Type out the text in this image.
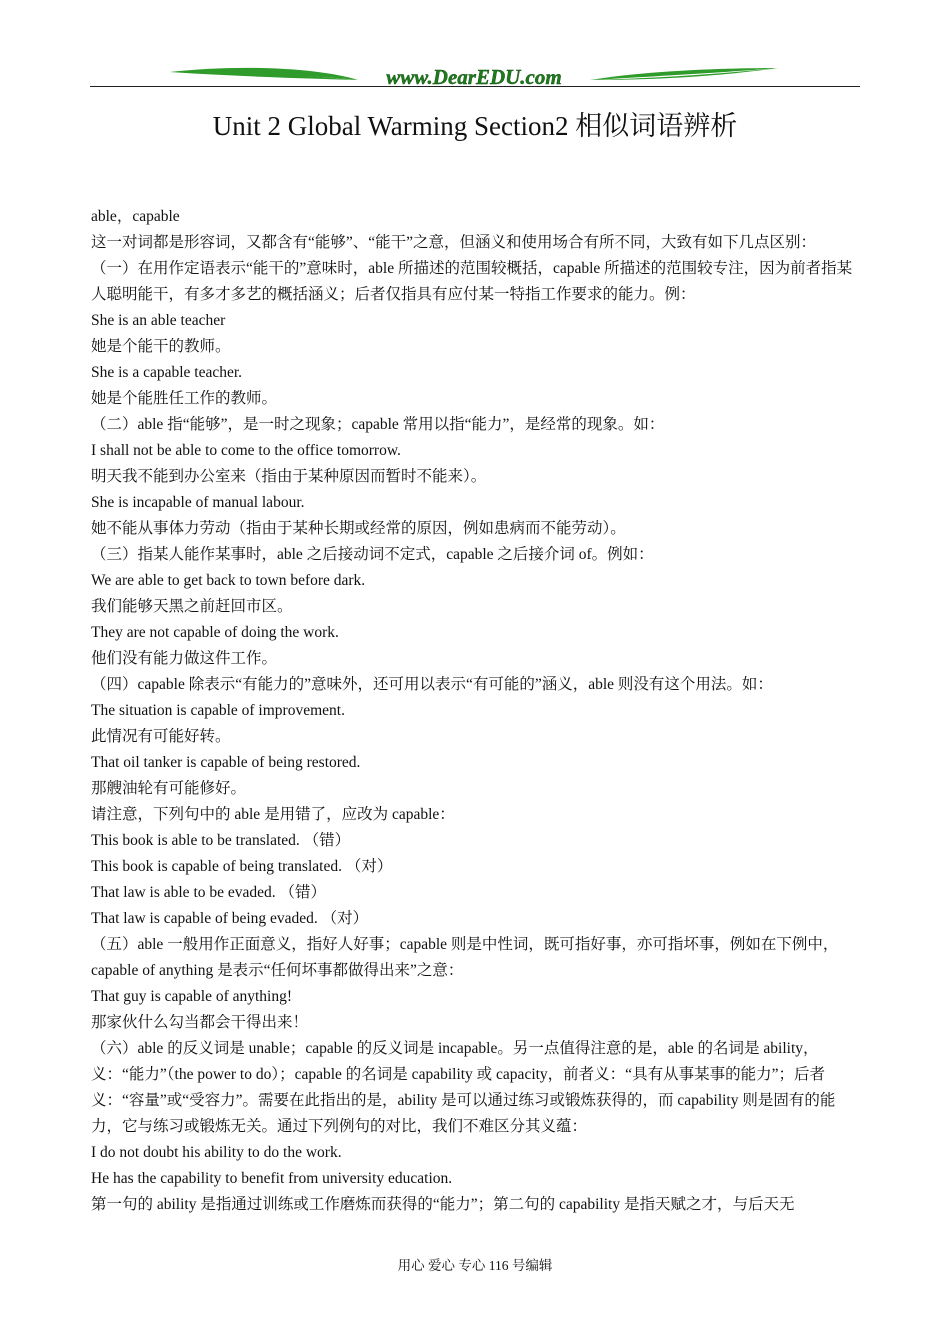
www.DearEDU.com
Unit 2 Global Warming Section2 相似词语辨析

able，capable

这一对词都是形容词，又都含有“能够”、“能干”之意，但涵义和使用场合有所不同，大致有如下几点区别：

（一）在用作定语表示“能干的”意味时，able 所描述的范围较概括，capable 所描述的范围较专注，因为前者指某人聪明能干，有多才多艺的概括涵义；后者仅指具有应付某一特指工作要求的能力。例：

She is an able teacher

她是个能干的教师。

She is a capable teacher.

她是个能胜任工作的教师。

（二）able 指“能够”，是一时之现象；capable 常用以指“能力”，是经常的现象。如：

I shall not be able to come to the office tomorrow.

明天我不能到办公室来（指由于某种原因而暂时不能来）。

She is incapable of manual labour.

她不能从事体力劳动（指由于某种长期或经常的原因，例如患病而不能劳动）。

（三）指某人能作某事时，able 之后接动词不定式，capable 之后接介词 of。例如：

We are able to get back to town before dark.

我们能够天黑之前赶回市区。

They are not capable of doing the work.

他们没有能力做这件工作。

（四）capable 除表示“有能力的”意味外，还可用以表示“有可能的”涵义，able 则没有这个用法。如：

The situation is capable of improvement.

此情况有可能好转。

That oil tanker is capable of being restored.

那艘油轮有可能修好。

请注意，下列句中的 able 是用错了，应改为 capable：

This book is able to be translated. （错）

This book is capable of being translated. （对）

That law is able to be evaded. （错）

That law is capable of being evaded. （对）

（五）able 一般用作正面意义，指好人好事；capable 则是中性词，既可指好事，亦可指坏事，例如在下例中，capable of anything 是表示“任何坏事都做得出来”之意：

That guy is capable of anything!

那家伙什么勾当都会干得出来！

（六）able 的反义词是 unable；capable 的反义词是 incapable。另一点值得注意的是，able 的名词是 ability，义：“能力”（the power to do）；capable 的名词是 capability 或 capacity，前者义：“具有从事某事的能力”；后者义：“容量”或“受容力”。需要在此指出的是，ability 是可以通过练习或锻炼获得的，而 capability 则是固有的能力，它与练习或锻炼无关。通过下列例句的对比，我们不难区分其义蕴：

I do not doubt his ability to do the work.

He has the capability to benefit from university education.

第一句的 ability 是指通过训练或工作磨炼而获得的“能力”；第二句的 capability 是指天赋之才，与后天无

用心 爱心 专心 116 号编辑
